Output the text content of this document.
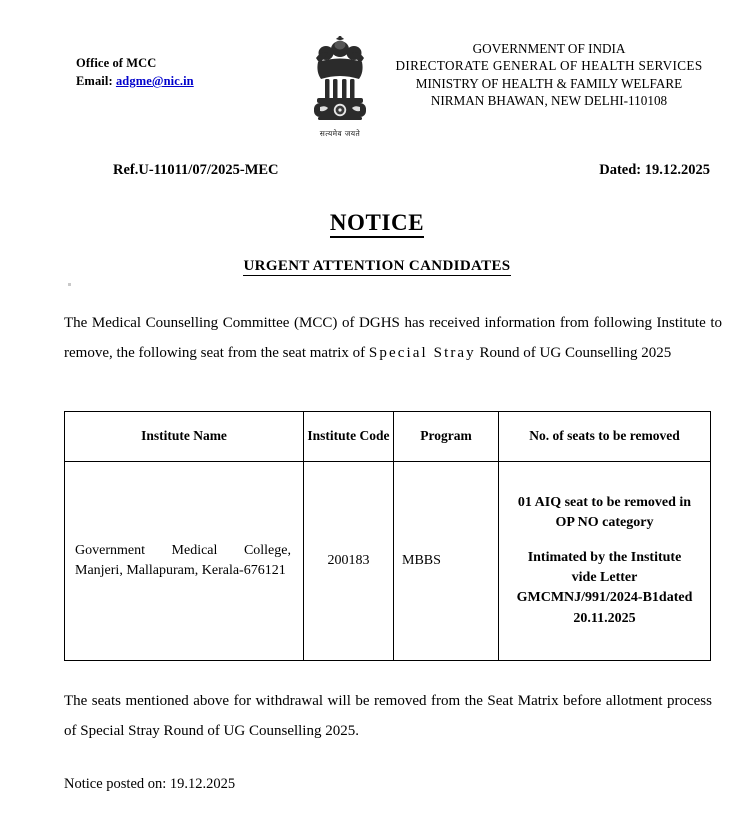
Office of MCC
Email: adgme@nic.in
सत्यमेव जयते
GOVERNMENT OF INDIA
DIRECTORATE GENERAL OF HEALTH SERVICES
MINISTRY OF HEALTH & FAMILY WELFARE
NIRMAN BHAWAN, NEW DELHI-110108
Ref.U-11011/07/2025-MEC	Dated: 19.12.2025
NOTICE
URGENT ATTENTION CANDIDATES
The Medical Counselling Committee (MCC) of DGHS has received information from following Institute to remove, the following seat from the seat matrix of Special Stray Round of UG Counselling 2025
Institute Name	Institute Code	Program	No. of seats to be removed
Government Medical College, Manjeri, Mallapuram, Kerala-676121	200183	MBBS	
01 AIQ seat to be removed in
OP NO category
Intimated by the Institute
vide Letter
GMCMNJ/991/2024-B1dated
20.11.2025
The seats mentioned above for withdrawal will be removed from the Seat Matrix before allotment process of Special Stray Round of UG Counselling 2025.
Notice posted on: 19.12.2025
